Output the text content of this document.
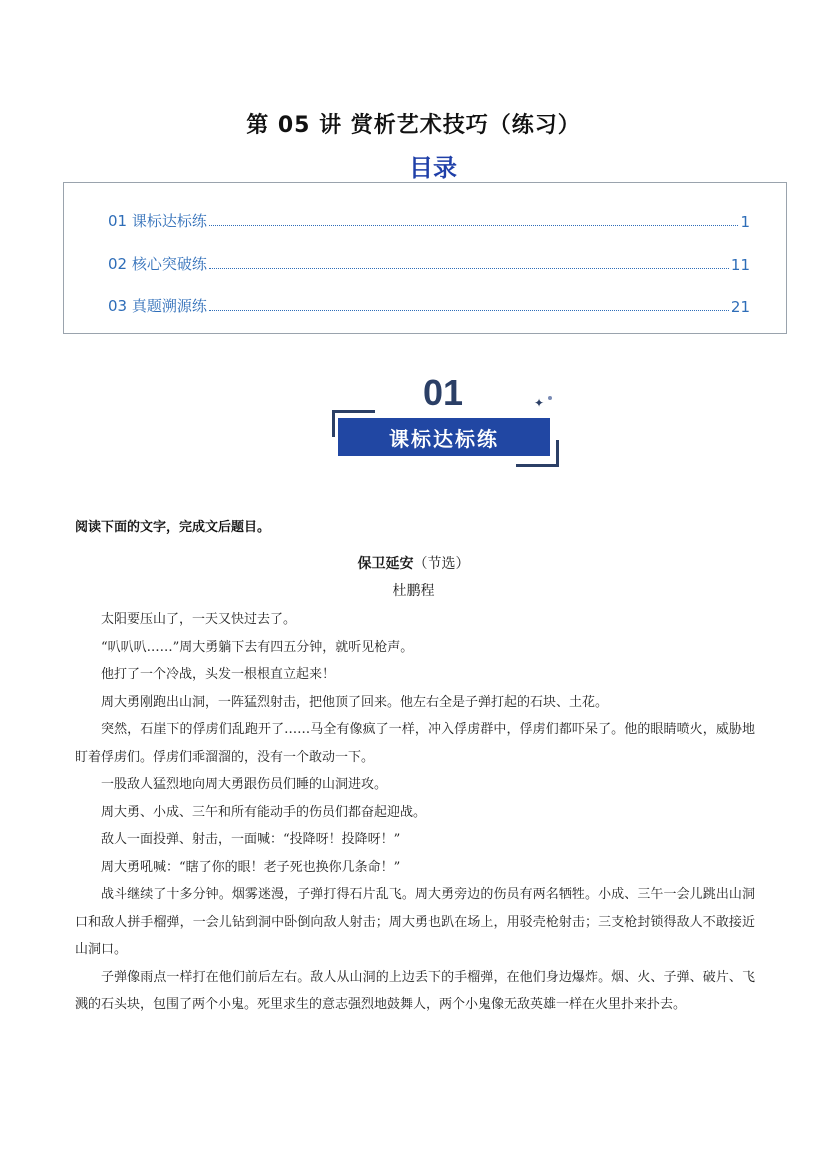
第 05 讲 赏析艺术技巧（练习）
目录
01 课标达标练	1
02 核心突破练	11
03 真题溯源练	21
01
课标达标练
✦
阅读下面的文字，完成文后题目。
保卫延安（节选）
杜鹏程

太阳要压山了，一天又快过去了。

“叭叭叭……”周大勇躺下去有四五分钟，就听见枪声。

他打了一个冷战，头发一根根直立起来！

周大勇刚跑出山洞，一阵猛烈射击，把他顶了回来。他左右全是子弹打起的石块、土花。

突然，石崖下的俘虏们乱跑开了……马全有像疯了一样，冲入俘虏群中，俘虏们都吓呆了。他的眼睛喷火，威胁地盯着俘虏们。俘虏们乖溜溜的，没有一个敢动一下。

一股敌人猛烈地向周大勇跟伤员们睡的山洞进攻。

周大勇、小成、三午和所有能动手的伤员们都奋起迎战。

敌人一面投弹、射击，一面喊：“投降呀！投降呀！”

周大勇吼喊：“瞎了你的眼！老子死也换你几条命！”

战斗继续了十多分钟。烟雾迷漫，子弹打得石片乱飞。周大勇旁边的伤员有两名牺牲。小成、三午一会儿跳出山洞口和敌人拼手榴弹，一会儿钻到洞中卧倒向敌人射击；周大勇也趴在场上，用驳壳枪射击；三支枪封锁得敌人不敢接近山洞口。

子弹像雨点一样打在他们前后左右。敌人从山洞的上边丢下的手榴弹，在他们身边爆炸。烟、火、子弹、破片、飞溅的石头块，包围了两个小鬼。死里求生的意志强烈地鼓舞人，两个小鬼像无敌英雄一样在火里扑来扑去。
